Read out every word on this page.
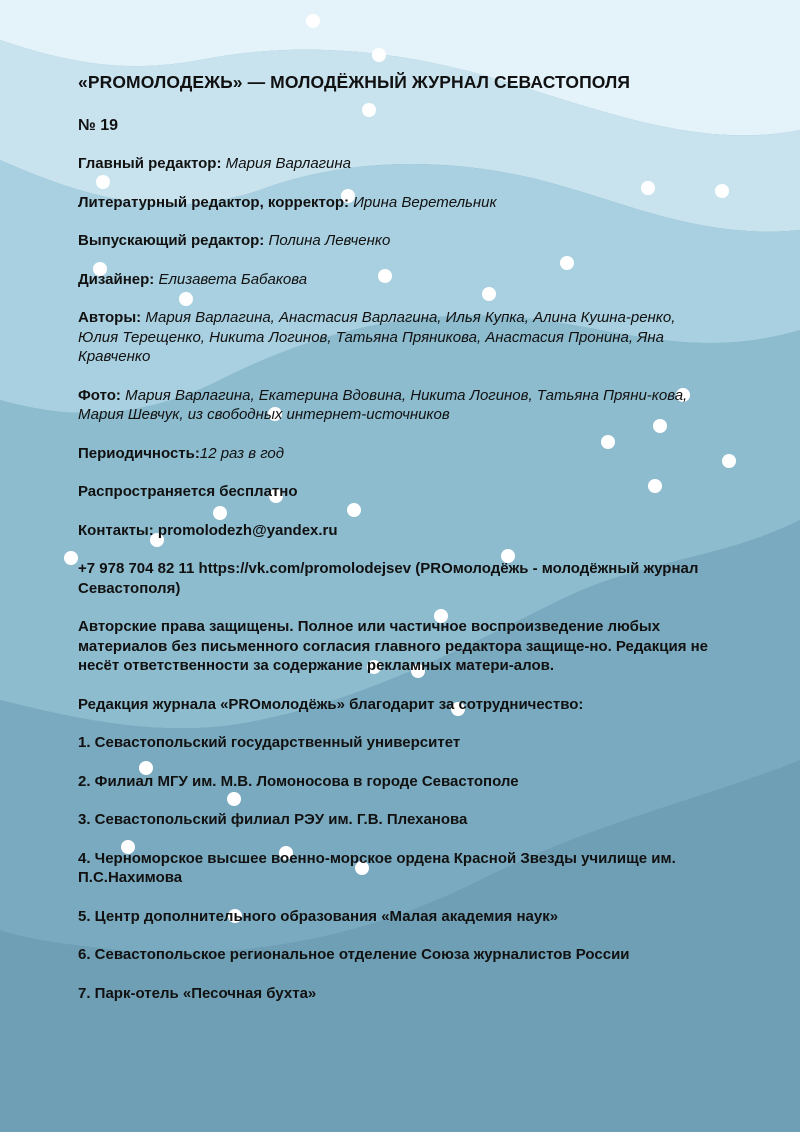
«PROМОЛОДЕЖЬ» — МОЛОДЁЖНЫЙ ЖУРНАЛ СЕВАСТОПОЛЯ
№ 19
Главный редактор: Мария Варлагина
Литературный редактор, корректор: Ирина Веретельник
Выпускающий редактор: Полина Левченко
Дизайнер: Елизавета Бабакова
Авторы: Мария Варлагина, Анастасия Варлагина, Илья Купка, Алина Кушна-ренко, Юлия Терещенко, Никита Логинов, Татьяна Пряникова, Анастасия Пронина, Яна Кравченко
Фото: Мария Варлагина, Екатерина Вдовина, Никита Логинов, Татьяна Пряни-кова, Мария Шевчук, из свободных интернет-источников
Периодичность:12 раз в год
Распространяется бесплатно
Контакты: promolodezh@yandex.ru
+7 978 704 82 11 https://vk.com/promolodejsev (PROмолодёжь - молодёжный журнал Севастополя)
Авторские права защищены. Полное или частичное воспроизведение любых материалов без письменного согласия главного редактора защище-но. Редакция не несёт ответственности за содержание рекламных матери-алов.
Редакция журнала «PROмолодёжь» благодарит за сотрудничество:
1. Севастопольский государственный университет
2. Филиал МГУ им. М.В. Ломоносова в городе Севастополе
3. Севастопольский филиал РЭУ им. Г.В. Плеханова
4. Черноморское высшее военно-морское ордена Красной Звезды училище им. П.С.Нахимова
5. Центр дополнительного образования «Малая академия наук»
6. Севастопольское региональное отделение Союза журналистов России
7. Парк-отель «Песочная бухта»
